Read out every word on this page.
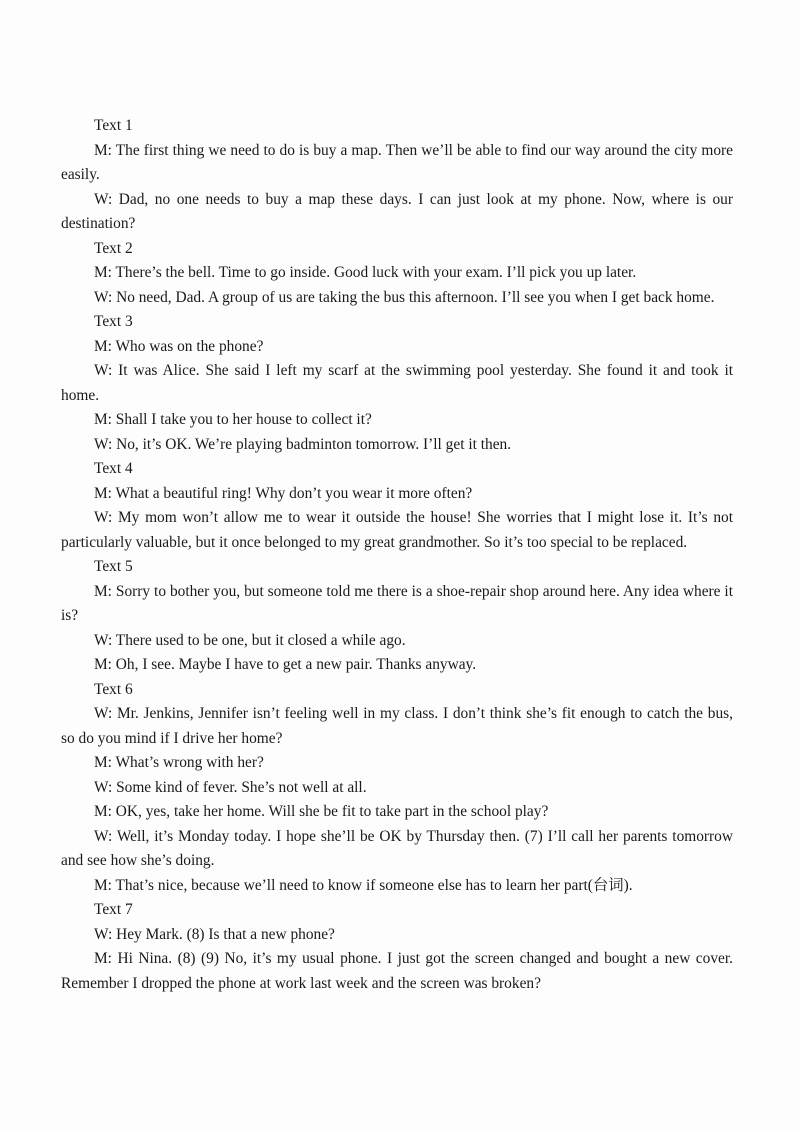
Text 1

M: The first thing we need to do is buy a map. Then we’ll be able to find our way around the city more easily.

W: Dad, no one needs to buy a map these days. I can just look at my phone. Now, where is our destination?

Text 2

M: There’s the bell. Time to go inside. Good luck with your exam. I’ll pick you up later.

W: No need, Dad. A group of us are taking the bus this afternoon. I’ll see you when I get back home.

Text 3

M: Who was on the phone?

W: It was Alice. She said I left my scarf at the swimming pool yesterday. She found it and took it home.

M: Shall I take you to her house to collect it?

W: No, it’s OK. We’re playing badminton tomorrow. I’ll get it then.

Text 4

M: What a beautiful ring! Why don’t you wear it more often?

W: My mom won’t allow me to wear it outside the house! She worries that I might lose it. It’s not particularly valuable, but it once belonged to my great grandmother. So it’s too special to be replaced.

Text 5

M: Sorry to bother you, but someone told me there is a shoe-repair shop around here. Any idea where it is?

W: There used to be one, but it closed a while ago.

M: Oh, I see. Maybe I have to get a new pair. Thanks anyway.

Text 6

W: Mr. Jenkins, Jennifer isn’t feeling well in my class. I don’t think she’s fit enough to catch the bus, so do you mind if I drive her home?

M: What’s wrong with her?

W: Some kind of fever. She’s not well at all.

M: OK, yes, take her home. Will she be fit to take part in the school play?

W: Well, it’s Monday today. I hope she’ll be OK by Thursday then. (7) I’ll call her parents tomorrow and see how she’s doing.

M: That’s nice, because we’ll need to know if someone else has to learn her part(台词).

Text 7

W: Hey Mark. (8) Is that a new phone?

M: Hi Nina. (8) (9) No, it’s my usual phone. I just got the screen changed and bought a new cover. Remember I dropped the phone at work last week and the screen was broken?
